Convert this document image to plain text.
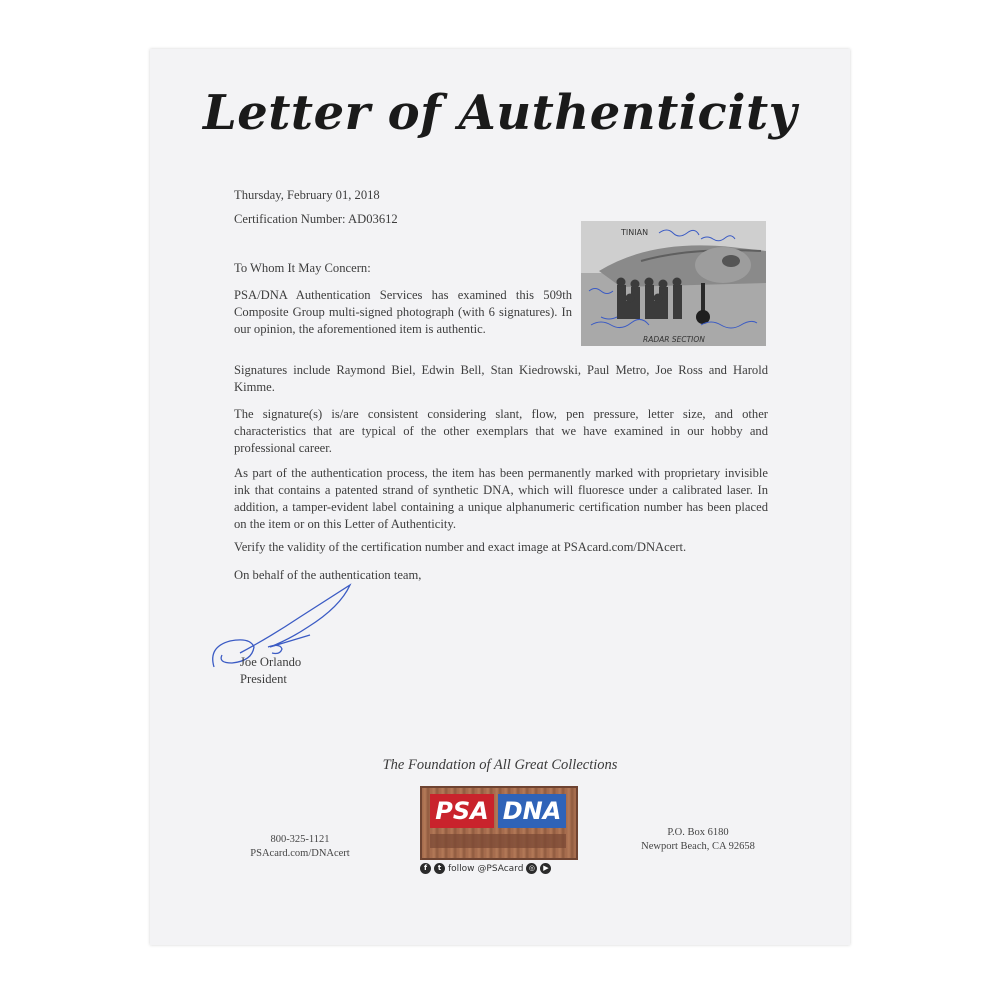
Letter of Authenticity
Thursday, February 01, 2018
Certification Number: AD03612
To Whom It May Concern:
PSA/DNA Authentication Services has examined this 509th Composite Group multi-signed photograph (with 6 signatures). In our opinion, the aforementioned item is authentic.
Signatures include Raymond Biel, Edwin Bell, Stan Kiedrowski, Paul Metro, Joe Ross and Harold Kimme.
The signature(s) is/are consistent considering slant, flow, pen pressure, letter size, and other characteristics that are typical of the other exemplars that we have examined in our hobby and professional career.
As part of the authentication process, the item has been permanently marked with proprietary invisible ink that contains a patented strand of synthetic DNA, which will fluoresce under a calibrated laser. In addition, a tamper-evident label containing a unique alphanumeric certification number has been placed on the item or on this Letter of Authenticity.
Verify the validity of the certification number and exact image at PSAcard.com/DNAcert.
On behalf of the authentication team,
TINIAN
RADAR SECTION
Joe Orlando
President
The Foundation of All Great Collections
800-325-1121
PSAcard.com/DNAcert
PSA DNA
P.O. Box 6180
Newport Beach, CA 92658
f	t follow @PSAcard ◎	▶
